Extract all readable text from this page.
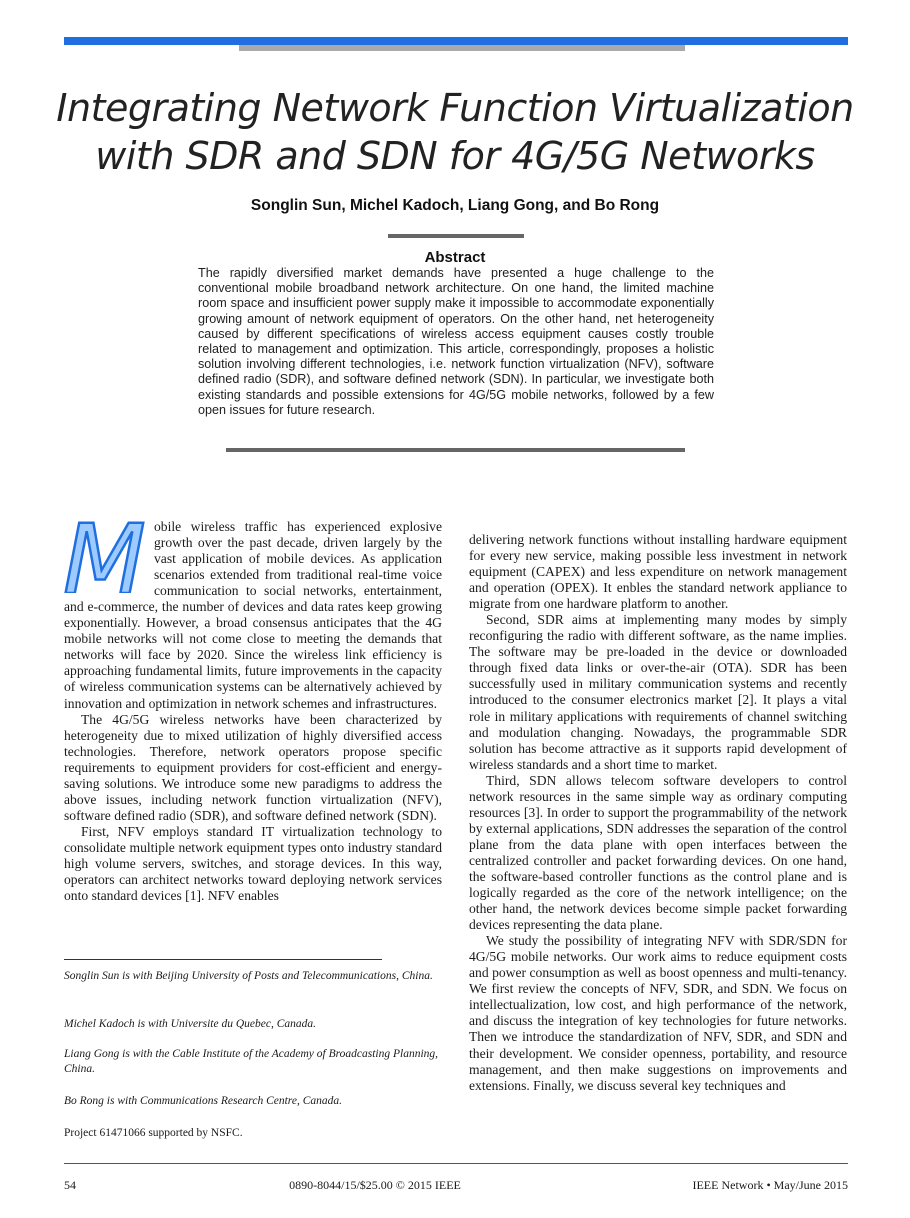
Integrating Network Function Virtualization
with SDR and SDN for 4G/5G Networks
Songlin Sun, Michel Kadoch, Liang Gong, and Bo Rong
Abstract
The rapidly diversified market demands have presented a huge challenge to the conventional mobile broadband network architecture. On one hand, the limited machine room space and insufficient power supply make it impossible to accommodate exponentially growing amount of network equipment of operators. On the other hand, net heterogeneity caused by different specifications of wireless access equipment causes costly trouble related to management and optimization. This article, correspondingly, proposes a holistic solution involving different technologies, i.e. network function virtualization (NFV), software defined radio (SDR), and software defined network (SDN). In particular, we investigate both existing standards and possible extensions for 4G/5G mobile networks, followed by a few open issues for future research.
M obile wireless traffic has experienced explosive growth over the past decade, driven largely by the vast application of mobile devices. As application scenarios extended from traditional real-time voice communication to social networks, entertainment, and e-commerce, the number of devices and data rates keep growing exponentially. However, a broad consensus anticipates that the 4G mobile networks will not come close to meeting the demands that networks will face by 2020. Since the wireless link efficiency is approaching fundamental limits, future improvements in the capacity of wireless communication systems can be alternatively achieved by innovation and optimization in network schemes and infrastructures.

The 4G/5G wireless networks have been characterized by heterogeneity due to mixed utilization of highly diversified access technologies. Therefore, network operators propose specific requirements to equipment providers for cost-efficient and energy-saving solutions. We introduce some new paradigms to address the above issues, including network function virtualization (NFV), software defined radio (SDR), and software defined network (SDN).

First, NFV employs standard IT virtualization technology to consolidate multiple network equipment types onto industry standard high volume servers, switches, and storage devices. In this way, operators can architect networks toward deploying network services onto standard devices [1]. NFV enables

Songlin Sun is with Beijing University of Posts and Telecommunications, China.
Michel Kadoch is with Universite du Quebec, Canada.
Liang Gong is with the Cable Institute of the Academy of Broadcasting Planning, China.
Bo Rong is with Communications Research Centre, Canada.
Project 61471066 supported by NSFC.

delivering network functions without installing hardware equipment for every new service, making possible less investment in network equipment (CAPEX) and less expenditure on network management and operation (OPEX). It enbles the standard network appliance to migrate from one hardware platform to another.

Second, SDR aims at implementing many modes by simply reconfiguring the radio with different software, as the name implies. The software may be pre-loaded in the device or downloaded through fixed data links or over-the-air (OTA). SDR has been successfully used in military communication systems and recently introduced to the consumer electronics market [2]. It plays a vital role in military applications with requirements of channel switching and modulation changing. Nowadays, the programmable SDR solution has become attractive as it supports rapid development of wireless standards and a short time to market.

Third, SDN allows telecom software developers to control network resources in the same simple way as ordinary computing resources [3]. In order to support the programmability of the network by external applications, SDN addresses the separation of the control plane from the data plane with open interfaces between the centralized controller and packet forwarding devices. On one hand, the software-based controller functions as the control plane and is logically regarded as the core of the network intelligence; on the other hand, the network devices become simple packet forwarding devices representing the data plane.

We study the possibility of integrating NFV with SDR/SDN for 4G/5G mobile networks. Our work aims to reduce equipment costs and power consumption as well as boost openness and multi-tenancy. We first review the concepts of NFV, SDR, and SDN. We focus on intellectualization, low cost, and high performance of the network, and discuss the integration of key technologies for future networks. Then we introduce the standardization of NFV, SDR, and SDN and their development. We consider openness, portability, and resource management, and then make suggestions on improvements and extensions. Finally, we discuss several key techniques and

54	0890-8044/15/$25.00 © 2015 IEEE	IEEE Network • May/June 2015
